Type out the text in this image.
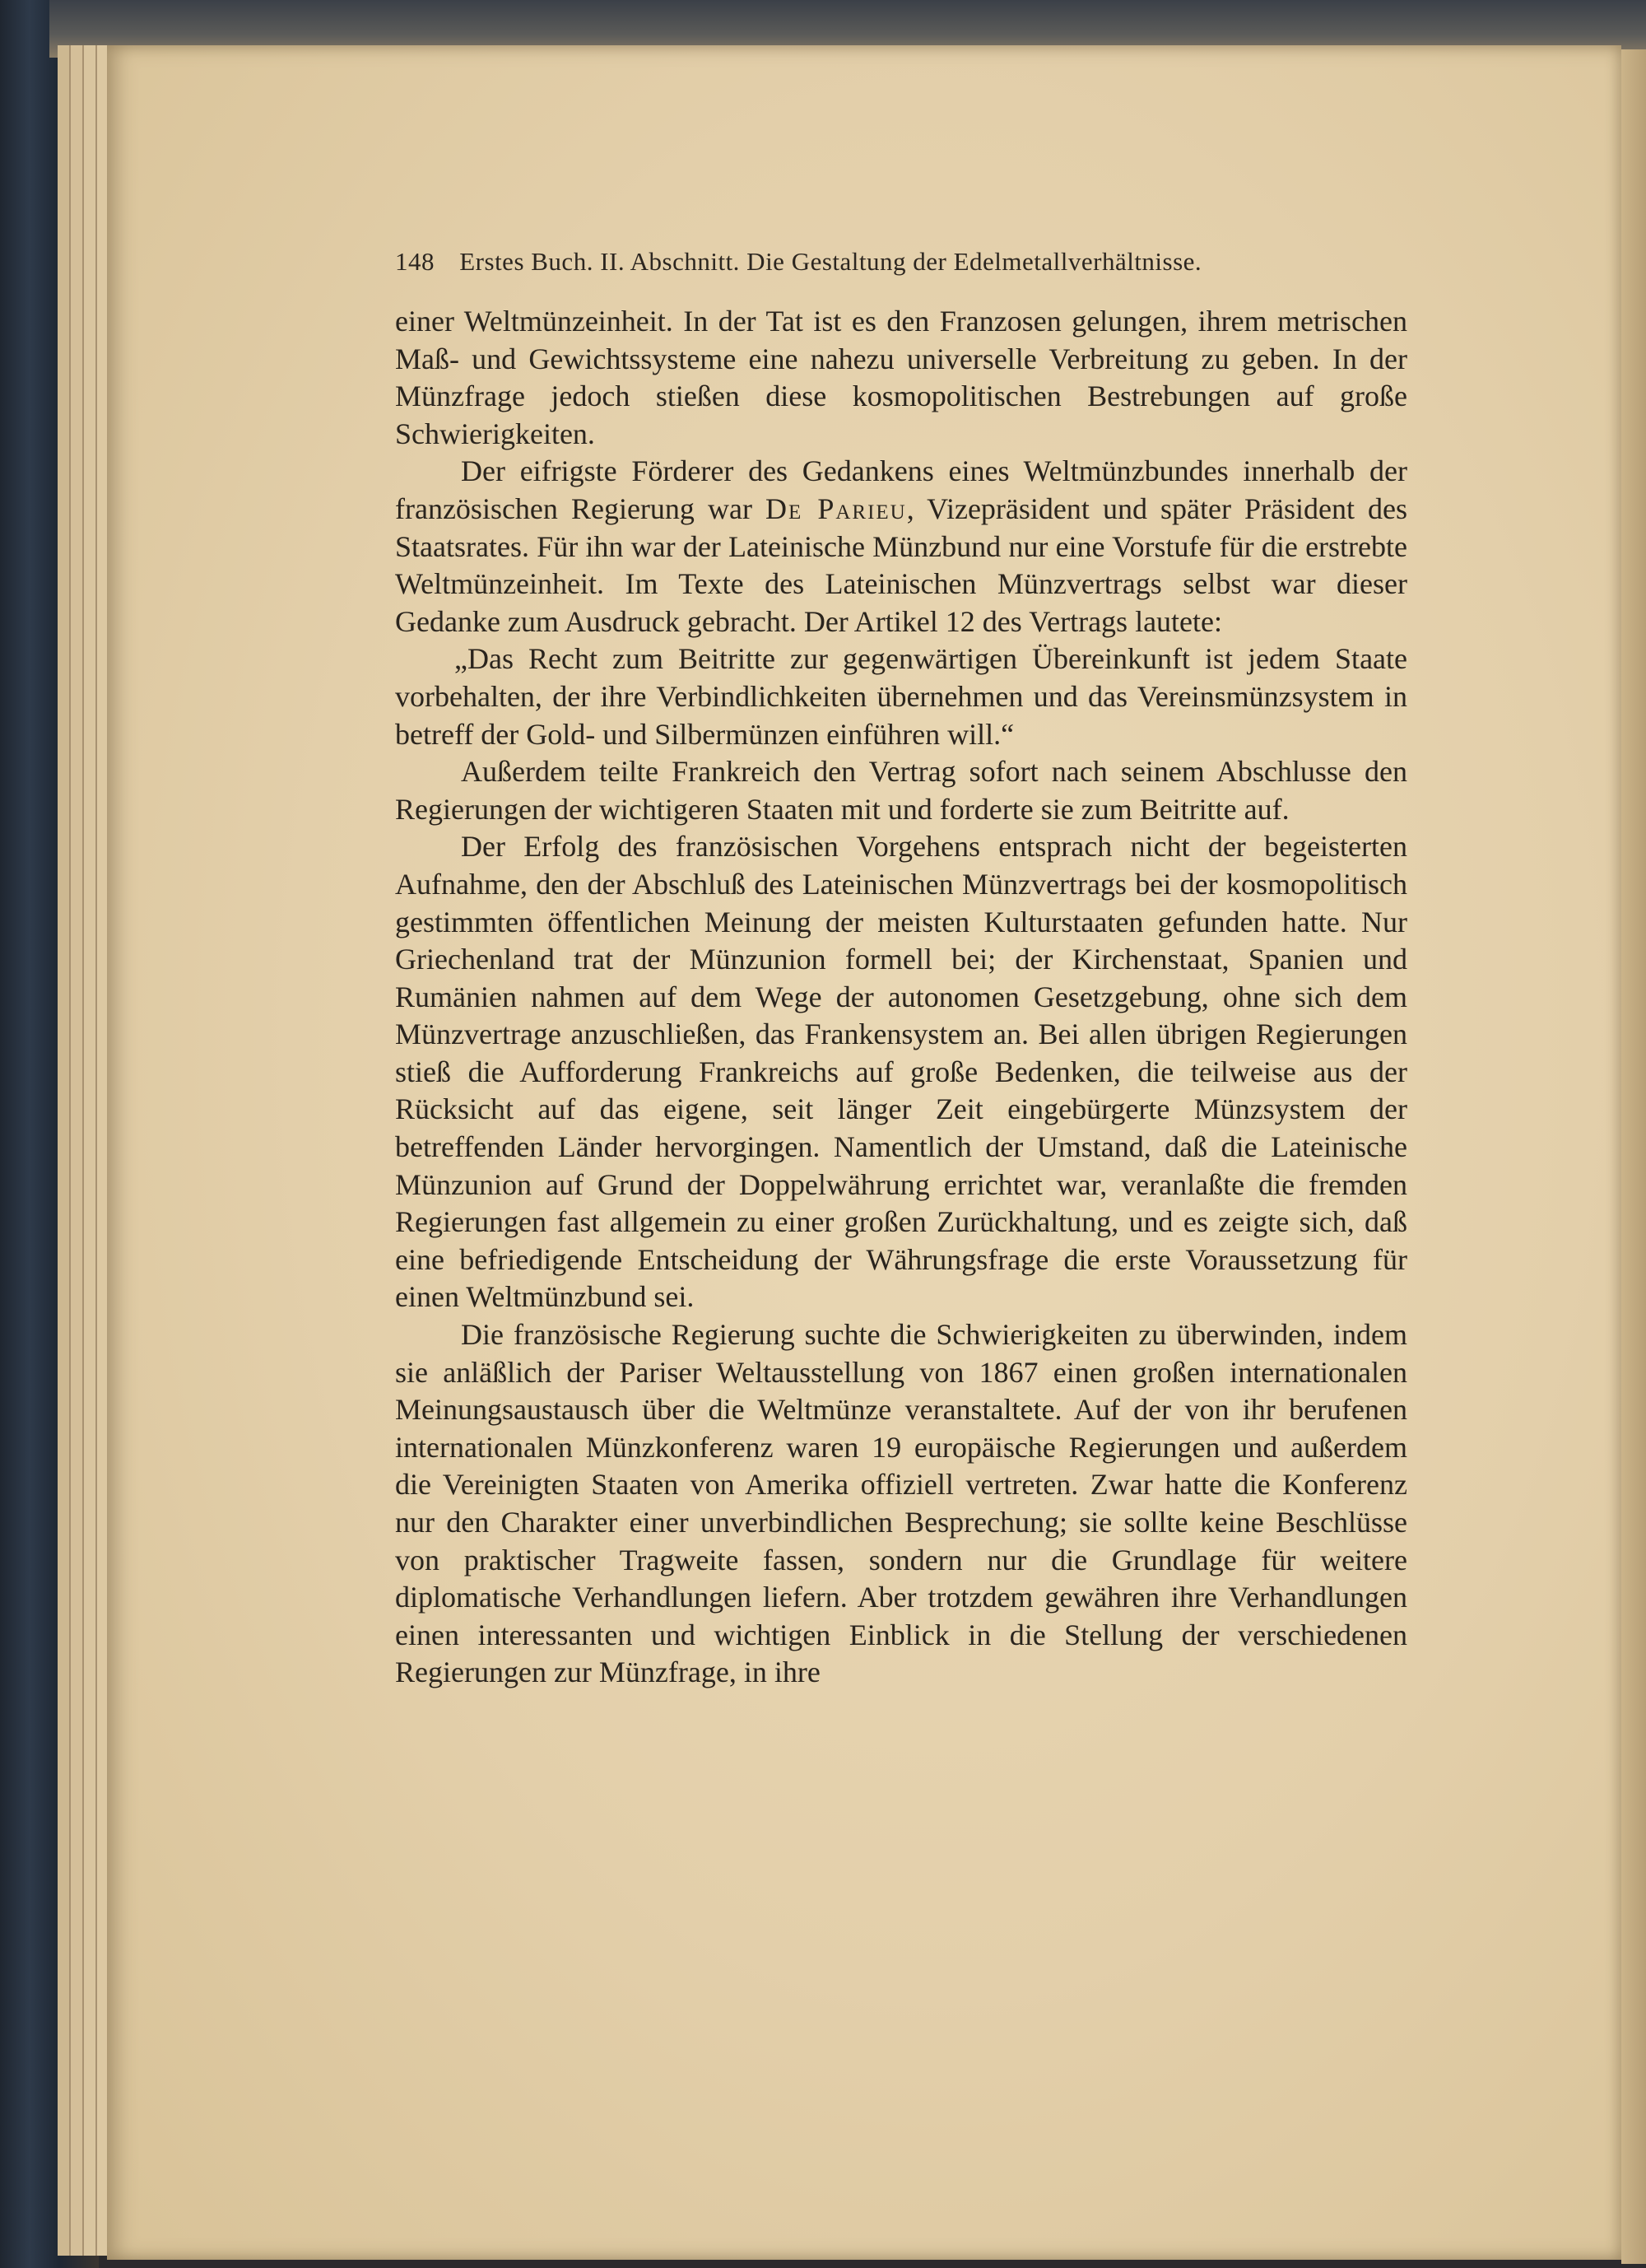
148 Erstes Buch. II. Abschnitt. Die Gestaltung der Edelmetallverhältnisse.

einer Weltmünzeinheit. In der Tat ist es den Franzosen gelungen, ihrem metrischen Maß- und Gewichtssysteme eine nahezu universelle Verbreitung zu geben. In der Münzfrage jedoch stießen diese kosmopolitischen Bestrebungen auf große Schwierigkeiten.

Der eifrigste Förderer des Gedankens eines Weltmünzbundes innerhalb der französischen Regierung war De Parieu, Vizepräsident und später Präsident des Staatsrates. Für ihn war der Lateinische Münzbund nur eine Vorstufe für die erstrebte Weltmünzeinheit. Im Texte des Lateinischen Münzvertrags selbst war dieser Gedanke zum Ausdruck gebracht. Der Artikel 12 des Vertrags lautete:

„Das Recht zum Beitritte zur gegenwärtigen Übereinkunft ist jedem Staate vorbehalten, der ihre Verbindlichkeiten übernehmen und das Vereinsmünzsystem in betreff der Gold- und Silbermünzen einführen will.“

Außerdem teilte Frankreich den Vertrag sofort nach seinem Abschlusse den Regierungen der wichtigeren Staaten mit und forderte sie zum Beitritte auf.

Der Erfolg des französischen Vorgehens entsprach nicht der begeisterten Aufnahme, den der Abschluß des Lateinischen Münzvertrags bei der kosmopolitisch gestimmten öffentlichen Meinung der meisten Kulturstaaten gefunden hatte. Nur Griechenland trat der Münzunion formell bei; der Kirchenstaat, Spanien und Rumänien nahmen auf dem Wege der autonomen Gesetzgebung, ohne sich dem Münzvertrage anzuschließen, das Frankensystem an. Bei allen übrigen Regierungen stieß die Aufforderung Frankreichs auf große Bedenken, die teilweise aus der Rücksicht auf das eigene, seit länger Zeit eingebürgerte Münzsystem der betreffenden Länder hervorgingen. Namentlich der Umstand, daß die Lateinische Münzunion auf Grund der Doppelwährung errichtet war, veranlaßte die fremden Regierungen fast allgemein zu einer großen Zurückhaltung, und es zeigte sich, daß eine befriedigende Entscheidung der Währungsfrage die erste Voraussetzung für einen Weltmünzbund sei.

Die französische Regierung suchte die Schwierigkeiten zu überwinden, indem sie anläßlich der Pariser Weltausstellung von 1867 einen großen internationalen Meinungsaustausch über die Weltmünze veranstaltete. Auf der von ihr berufenen internationalen Münzkonferenz waren 19 europäische Regierungen und außerdem die Vereinigten Staaten von Amerika offiziell vertreten. Zwar hatte die Konferenz nur den Charakter einer unverbindlichen Besprechung; sie sollte keine Beschlüsse von praktischer Tragweite fassen, sondern nur die Grundlage für weitere diplomatische Verhandlungen liefern. Aber trotzdem gewähren ihre Verhandlungen einen interessanten und wichtigen Einblick in die Stellung der verschiedenen Regierungen zur Münzfrage, in ihre
